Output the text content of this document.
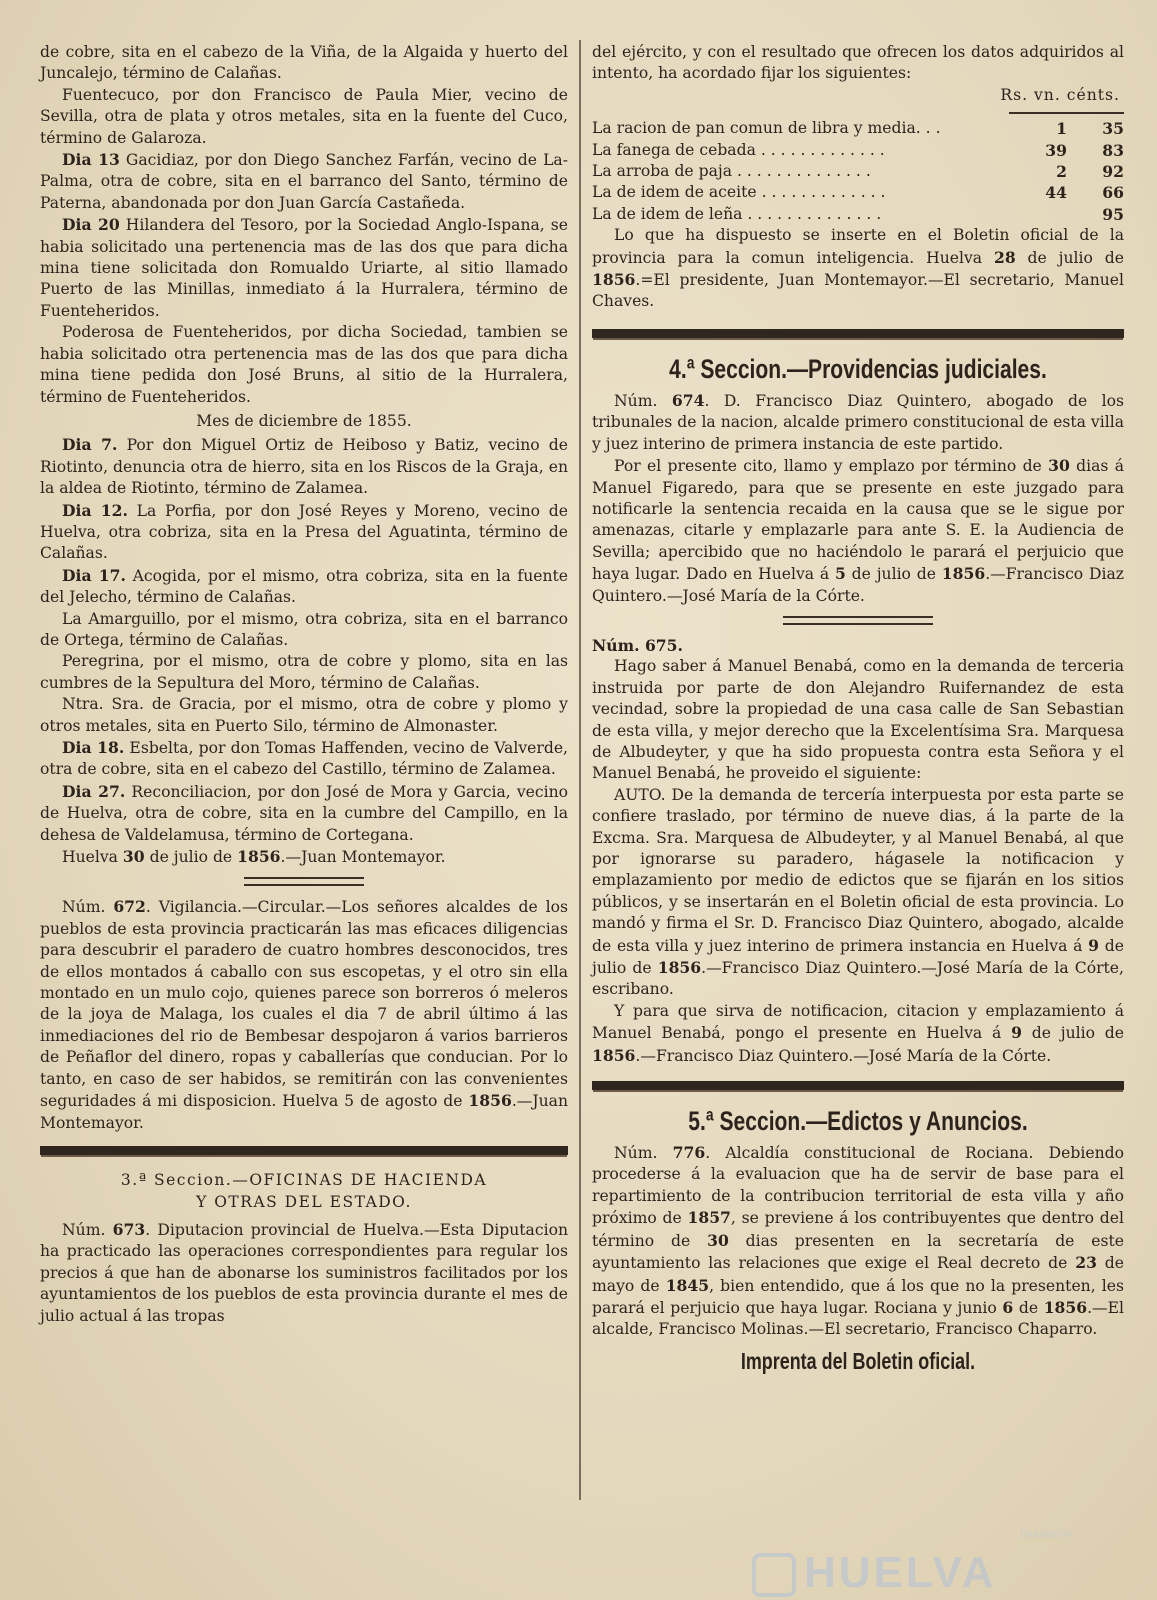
de cobre, sita en el cabezo de la Viña, de la Algaida y huerto del Juncalejo, término de Calañas.

Fuentecuco, por don Francisco de Paula Mier, vecino de Sevilla, otra de plata y otros metales, sita en la fuente del Cuco, término de Galaroza.

Dia 13 Gacidiaz, por don Diego Sanchez Farfán, vecino de La-Palma, otra de cobre, sita en el barranco del Santo, término de Paterna, abandonada por don Juan García Castañeda.

Dia 20 Hilandera del Tesoro, por la Sociedad Anglo-Ispana, se habia solicitado una pertenencia mas de las dos que para dicha mina tiene solicitada don Romualdo Uriarte, al sitio llamado Puerto de las Minillas, inmediato á la Hurralera, término de Fuenteheridos.

Poderosa de Fuenteheridos, por dicha Sociedad, tambien se habia solicitado otra pertenencia mas de las dos que para dicha mina tiene pedida don José Bruns, al sitio de la Hurralera, término de Fuenteheridos.

Mes de diciembre de 1855.

Dia 7. Por don Miguel Ortiz de Heiboso y Batiz, vecino de Riotinto, denuncia otra de hierro, sita en los Riscos de la Graja, en la aldea de Riotinto, término de Zalamea.

Dia 12. La Porfia, por don José Reyes y Moreno, vecino de Huelva, otra cobriza, sita en la Presa del Aguatinta, término de Calañas.

Dia 17. Acogida, por el mismo, otra cobriza, sita en la fuente del Jelecho, término de Calañas.

La Amarguillo, por el mismo, otra cobriza, sita en el barranco de Ortega, término de Calañas.

Peregrina, por el mismo, otra de cobre y plomo, sita en las cumbres de la Sepultura del Moro, término de Calañas.

Ntra. Sra. de Gracia, por el mismo, otra de cobre y plomo y otros metales, sita en Puerto Silo, término de Almonaster.

Dia 18. Esbelta, por don Tomas Haffenden, vecino de Valverde, otra de cobre, sita en el cabezo del Castillo, término de Zalamea.

Dia 27. Reconciliacion, por don José de Mora y Garcia, vecino de Huelva, otra de cobre, sita en la cumbre del Campillo, en la dehesa de Valdelamusa, término de Cortegana.

Huelva 30 de julio de 1856.—Juan Montemayor.

Núm. 672. Vigilancia.—Circular.—Los señores alcaldes de los pueblos de esta provincia practicarán las mas eficaces diligencias para descubrir el paradero de cuatro hombres desconocidos, tres de ellos montados á caballo con sus escopetas, y el otro sin ella montado en un mulo cojo, quienes parece son borreros ó meleros de la joya de Malaga, los cuales el dia 7 de abril último á las inmediaciones del rio de Bembesar despojaron á varios barrieros de Peñaflor del dinero, ropas y caballerías que conducian. Por lo tanto, en caso de ser habidos, se remitirán con las convenientes seguridades á mi disposicion. Huelva 5 de agosto de 1856.—Juan Montemayor.

3.ª Seccion.—OFICINAS DE HACIENDA
Y OTRAS DEL ESTADO.

Núm. 673. Diputacion provincial de Huelva.—Esta Diputacion ha practicado las operaciones correspondientes para regular los precios á que han de abonarse los suministros facilitados por los ayuntamientos de los pueblos de esta provincia durante el mes de julio actual á las tropas

del ejército, y con el resultado que ofrecen los datos adquiridos al intento, ha acordado fijar los siguientes:

Rs. vn. cénts.
La racion de pan comun de libra y media. . .	1	35
La fanega de cebada . . . . . . . . . . . . .	39	83
La arroba de paja . . . . . . . . . . . . . .	2	92
La de idem de aceite . . . . . . . . . . . . .	44	66
La de idem de leña . . . . . . . . . . . . . .		95

Lo que ha dispuesto se inserte en el Boletin oficial de la provincia para la comun inteligencia. Huelva 28 de julio de 1856.=El presidente, Juan Montemayor.—El secretario, Manuel Chaves.

4.ª Seccion.—Providencias judiciales.

Núm. 674. D. Francisco Diaz Quintero, abogado de los tribunales de la nacion, alcalde primero constitucional de esta villa y juez interino de primera instancia de este partido.

Por el presente cito, llamo y emplazo por término de 30 dias á Manuel Figaredo, para que se presente en este juzgado para notificarle la sentencia recaida en la causa que se le sigue por amenazas, citarle y emplazarle para ante S. E. la Audiencia de Sevilla; apercibido que no haciéndolo le parará el perjuicio que haya lugar. Dado en Huelva á 5 de julio de 1856.—Francisco Diaz Quintero.—José María de la Córte.

Núm. 675.

Hago saber á Manuel Benabá, como en la demanda de terceria instruida por parte de don Alejandro Ruifernandez de esta vecindad, sobre la propiedad de una casa calle de San Sebastian de esta villa, y mejor derecho que la Excelentísima Sra. Marquesa de Albudeyter, y que ha sido propuesta contra esta Señora y el Manuel Benabá, he proveido el siguiente:

AUTO. De la demanda de tercería interpuesta por esta parte se confiere traslado, por término de nueve dias, á la parte de la Excma. Sra. Marquesa de Albudeyter, y al Manuel Benabá, al que por ignorarse su paradero, hágasele la notificacion y emplazamiento por medio de edictos que se fijarán en los sitios públicos, y se insertarán en el Boletin oficial de esta provincia. Lo mandó y firma el Sr. D. Francisco Diaz Quintero, abogado, alcalde de esta villa y juez interino de primera instancia en Huelva á 9 de julio de 1856.—Francisco Diaz Quintero.—José María de la Córte, escribano.

Y para que sirva de notificacion, citacion y emplazamiento á Manuel Benabá, pongo el presente en Huelva á 9 de julio de 1856.—Francisco Diaz Quintero.—José María de la Córte.

5.ª Seccion.—Edictos y Anuncios.

Núm. 776. Alcaldía constitucional de Rociana. Debiendo procederse á la evaluacion que ha de servir de base para el repartimiento de la contribucion territorial de esta villa y año próximo de 1857, se previene á los contribuyentes que dentro del término de 30 dias presenten en la secretaría de este ayuntamiento las relaciones que exige el Real decreto de 23 de mayo de 1845, bien entendido, que á los que no la presenten, les parará el perjuicio que haya lugar. Rociana y junio 6 de 1856.—El alcalde, Francisco Molinas.—El secretario, Francisco Chaparro.

Imprenta del Boletin oficial.
Diputación
HUELVA
